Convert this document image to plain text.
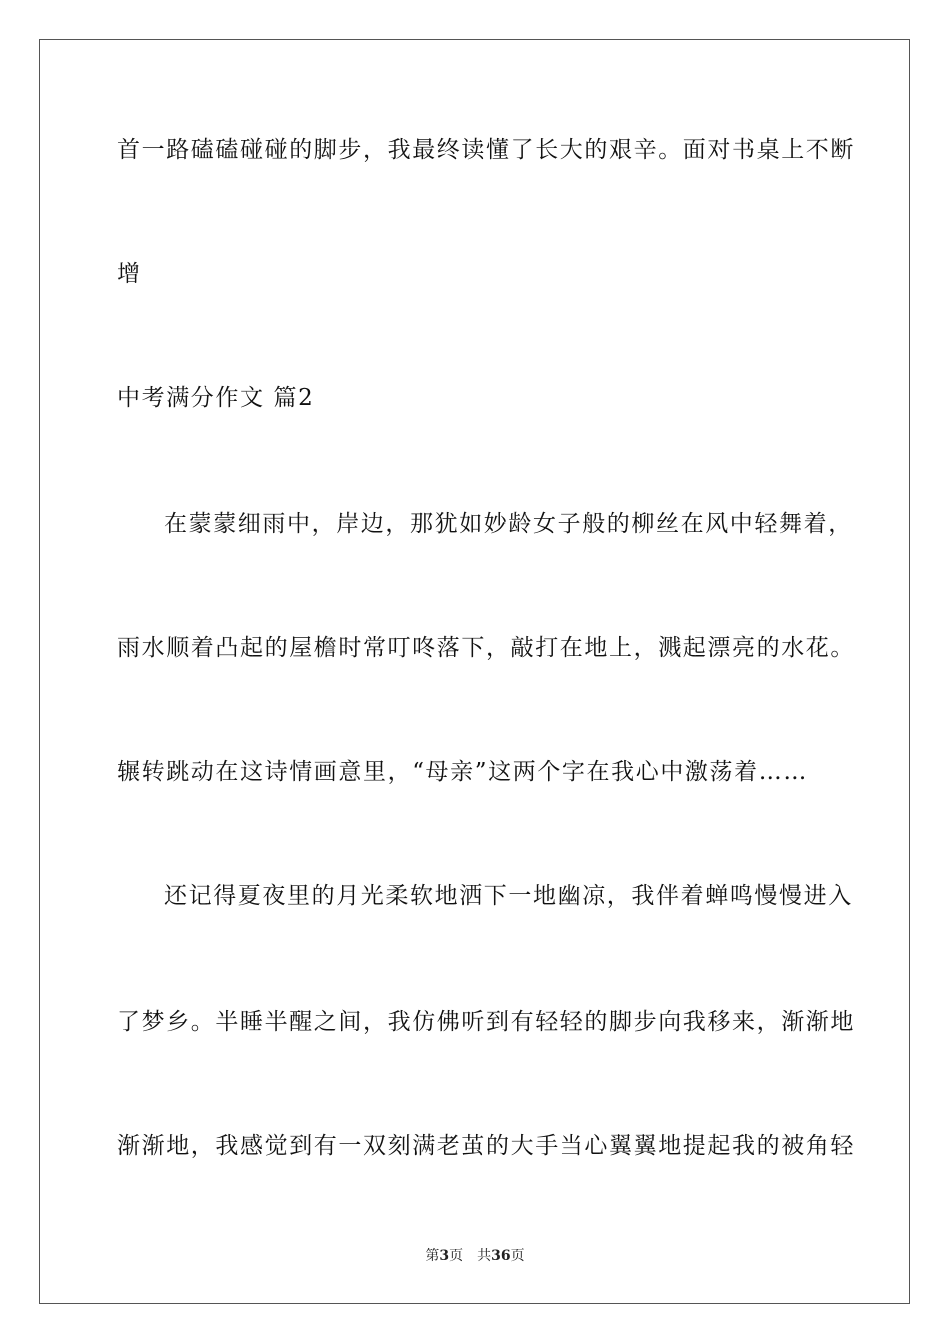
首一路磕磕碰碰的脚步，我最终读懂了长大的艰辛。面对书桌上不断
增
中考满分作文 篇2
在蒙蒙细雨中，岸边，那犹如妙龄女子般的柳丝在风中轻舞着，
雨水顺着凸起的屋檐时常叮咚落下，敲打在地上，溅起漂亮的水花。
辗转跳动在这诗情画意里，“母亲”这两个字在我心中激荡着……
还记得夏夜里的月光柔软地洒下一地幽凉，我伴着蝉鸣慢慢进入
了梦乡。半睡半醒之间，我仿佛听到有轻轻的脚步向我移来，渐渐地
渐渐地，我感觉到有一双刻满老茧的大手当心翼翼地提起我的被角轻
第3页 共36页
